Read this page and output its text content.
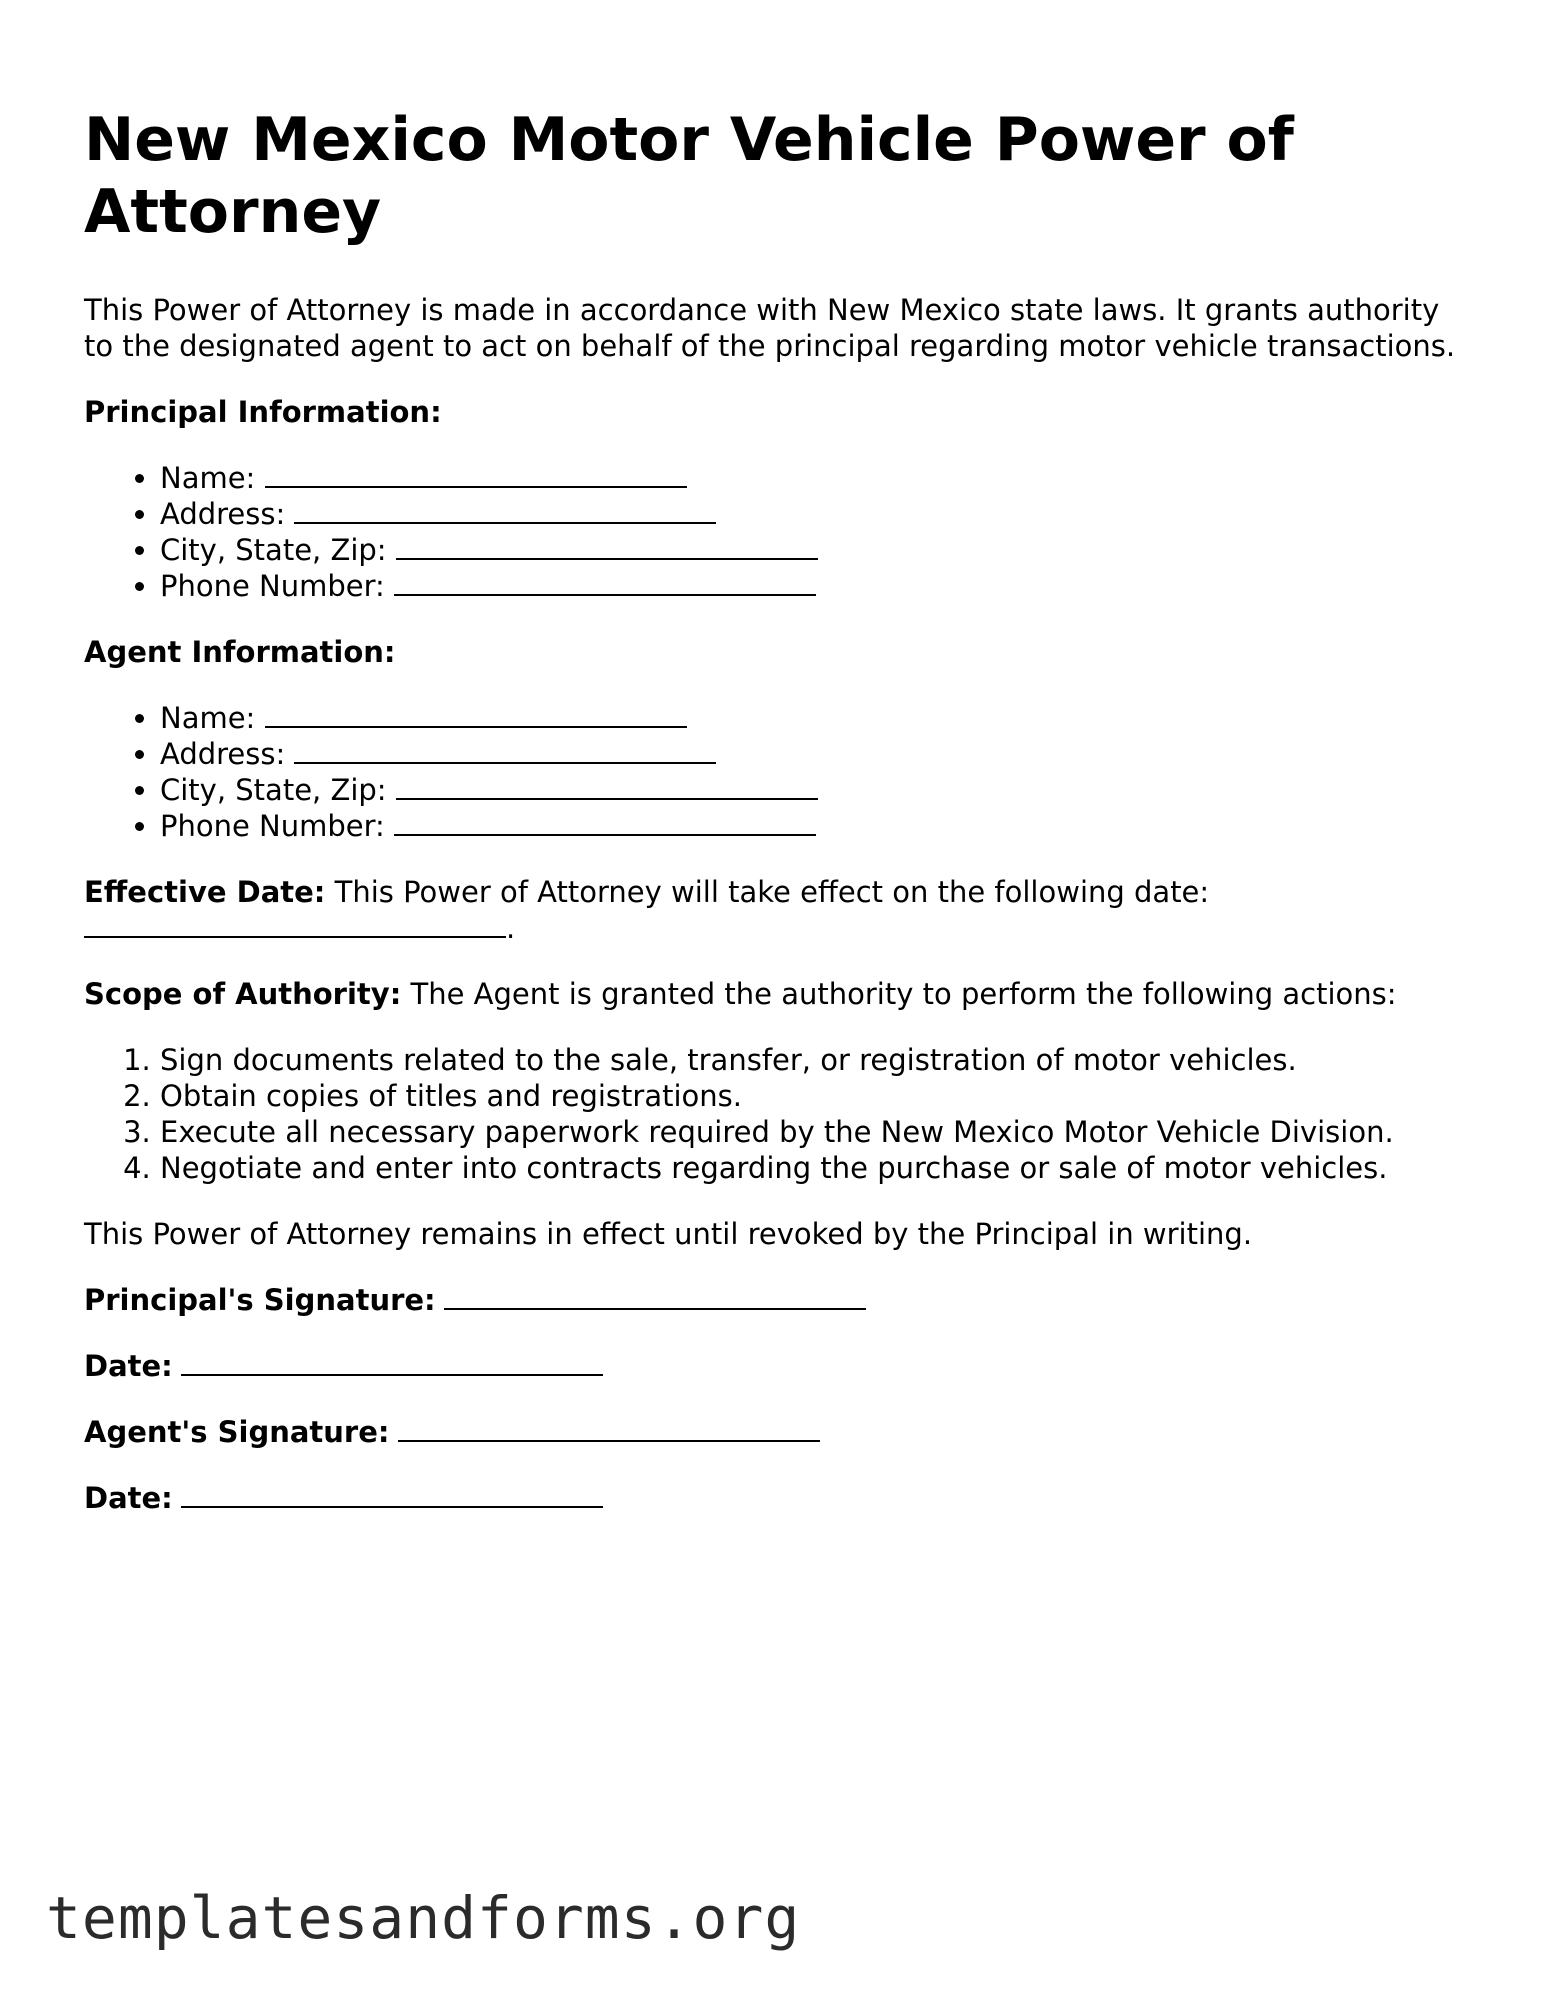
New Mexico Motor Vehicle Power of Attorney

This Power of Attorney is made in accordance with New Mexico state laws. It grants authority to the designated agent to act on behalf of the principal regarding motor vehicle transactions.

Principal Information:

• Name:
• Address:
• City, State, Zip:
• Phone Number:

Agent Information:

• Name:
• Address:
• City, State, Zip:
• Phone Number:

Effective Date: This Power of Attorney will take effect on the following date:
.

Scope of Authority: The Agent is granted the authority to perform the following actions:

1. Sign documents related to the sale, transfer, or registration of motor vehicles.
2. Obtain copies of titles and registrations.
3. Execute all necessary paperwork required by the New Mexico Motor Vehicle Division.
4. Negotiate and enter into contracts regarding the purchase or sale of motor vehicles.

This Power of Attorney remains in effect until revoked by the Principal in writing.

Principal's Signature:

Date:

Agent's Signature:

Date:

templatesandforms.org
